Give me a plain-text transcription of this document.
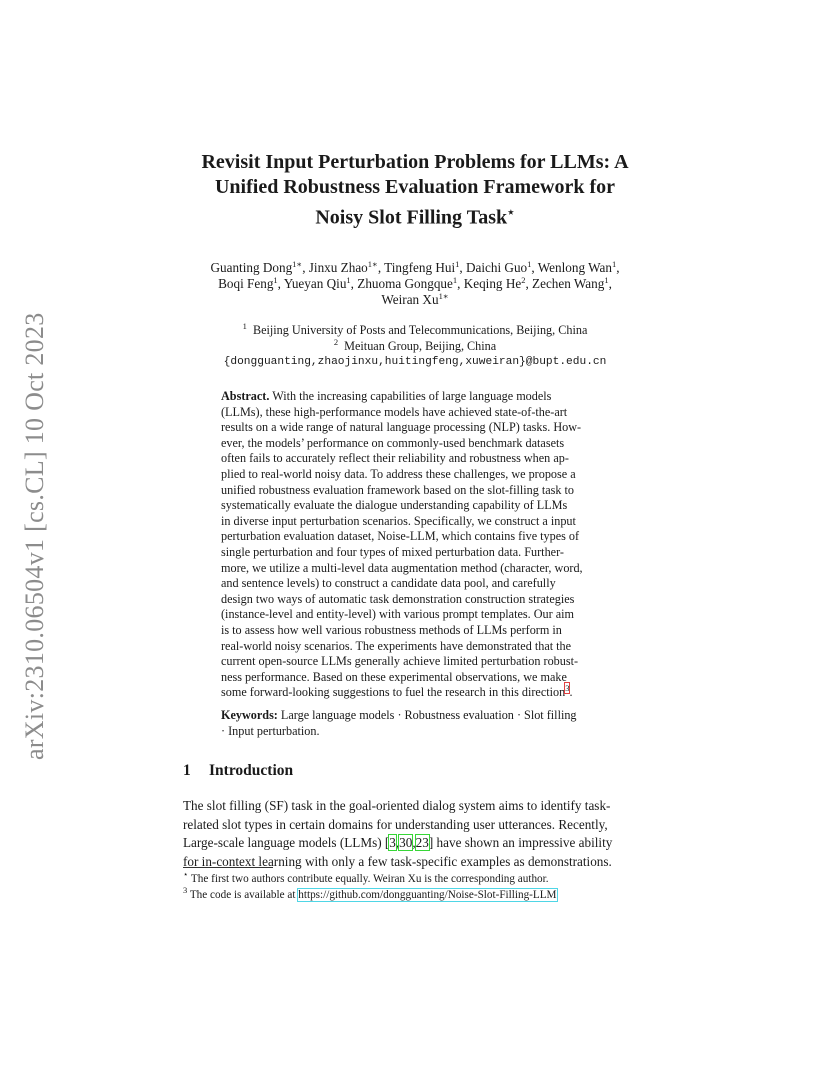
arXiv:2310.06504v1 [cs.CL] 10 Oct 2023
Revisit Input Perturbation Problems for LLMs: A
Unified Robustness Evaluation Framework for
Noisy Slot Filling Task⋆
Guanting Dong$^{1∗}$, Jinxu Zhao$^{1∗}$, Tingfeng Hui$^1$, Daichi Guo$^1$, Wenlong Wan$^1$,
Boqi Feng$^1$, Yueyan Qiu$^1$, Zhuoma Gongque$^1$, Keqing He$^2$, Zechen Wang$^1$,
Weiran $Xu^{1∗}$
$^1$ Beijing University of Posts and Telecommunications, Beijing, China
$^2$ Meituan Group, Beijing, China
{dongguanting,zhaojinxu,huitingfeng,xuweiran}@bupt.edu.cn
Abstract. With the increasing capabilities of large language models
(LLMs), these high-performance models have achieved state-of-the-art
results on a wide range of natural language processing (NLP) tasks. How-
ever, the models’ performance on commonly-used benchmark datasets
often fails to accurately reflect their reliability and robustness when ap-
plied to real-world noisy data. To address these challenges, we propose a
unified robustness evaluation framework based on the slot-filling task to
systematically evaluate the dialogue understanding capability of LLMs
in diverse input perturbation scenarios. Specifically, we construct a input
perturbation evaluation dataset, Noise-LLM, which contains five types of
single perturbation and four types of mixed perturbation data. Further-
more, we utilize a multi-level data augmentation method (character, word,
and sentence levels) to construct a candidate data pool, and carefully
design two ways of automatic task demonstration construction strategies
(instance-level and entity-level) with various prompt templates. Our aim
is to assess how well various robustness methods of LLMs perform in
real-world noisy scenarios. The experiments have demonstrated that the
current open-source LLMs generally achieve limited perturbation robust-
ness performance. Based on these experimental observations, we make
some forward-looking suggestions to fuel the research in this direction$^3$.
Keywords: Large language models · Robustness evaluation · Slot filling
· Input perturbation.
1 Introduction
The slot filling (SF) task in the goal-oriented dialog system aims to identify task-
related slot types in certain domains for understanding user utterances. Recently,
Large-scale language models (LLMs) [3,30,23] have shown an impressive ability
for in-context learning with only a few task-specific examples as demonstrations.
⋆ The first two authors contribute equally. Weiran Xu is the corresponding author.
$^3$ The code is available at https://github.com/dongguanting/Noise-Slot-Filling-LLM
